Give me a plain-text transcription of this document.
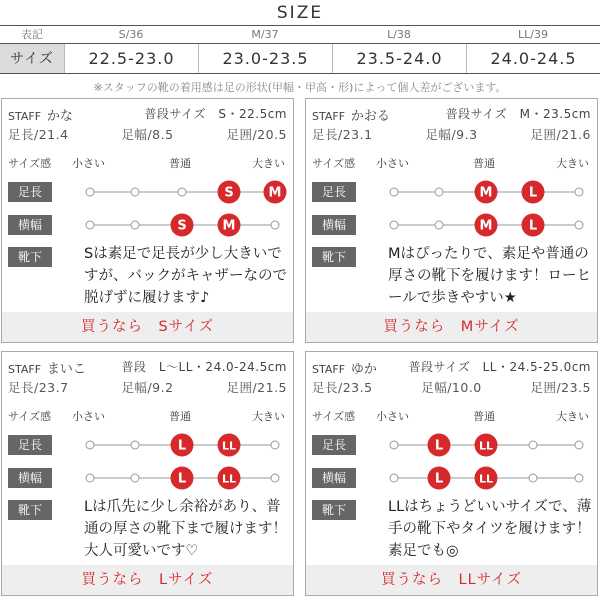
SIZE
表記	S/36	M/37	L/38	LL/39
サイズ	22.5-23.0	23.0-23.5	23.5-24.0	24.0-24.5
※スタッフの靴の着用感は足の形状(甲幅・甲高・形)によって個人差がございます。
STAFF かな	普段サイズ　S・22.5cm
足長/21.4	足幅/8.5	足囲/20.5
サイズ感 小さい	普通	大きい
足長
横幅
靴下	Sは素足で足長が少し大きいですが、バックがキャザーなので脱げずに履けます♪
買うなら　Sサイズ
S	M
S	M
STAFF かおる	普段サイズ　M・23.5cm
足長/23.1	足幅/9.3	足囲/21.6
サイズ感 小さい	普通	大きい
足長
横幅
靴下	Mはぴったりで、素足や普通の厚さの靴下を履けます！ローヒールで歩きやすい★
買うなら　Mサイズ
M	L
M	L
STAFF まいこ	普段　L〜LL・24.0-24.5cm
足長/23.7	足幅/9.2	足囲/21.5
サイズ感 小さい	普通	大きい
足長
横幅
靴下	Lは爪先に少し余裕があり、普通の厚さの靴下まで履けます！大人可愛いです♡
買うなら　Lサイズ
L	LL
L	LL
STAFF ゆか	普段サイズ　LL・24.5-25.0cm
足長/23.5	足幅/10.0	足囲/23.5
サイズ感 小さい	普通	大きい
足長
横幅
靴下	LLはちょうどいいサイズで、薄手の靴下やタイツを履けます！素足でも◎
買うなら　LLサイズ
L	LL
L	LL
